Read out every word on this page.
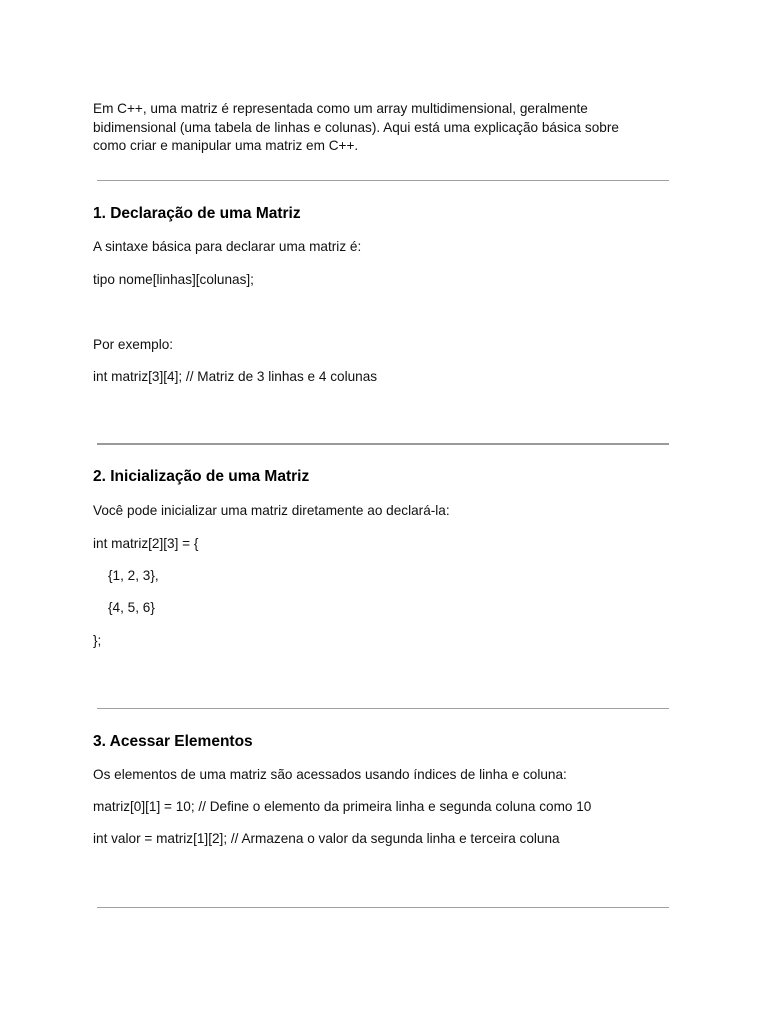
Em C++, uma matriz é representada como um array multidimensional, geralmente
bidimensional (uma tabela de linhas e colunas). Aqui está uma explicação básica sobre
como criar e manipular uma matriz em C++.
1. Declaração de uma Matriz
A sintaxe básica para declarar uma matriz é:
tipo nome[linhas][colunas];
Por exemplo:
int matriz[3][4]; // Matriz de 3 linhas e 4 colunas
2. Inicialização de uma Matriz
Você pode inicializar uma matriz diretamente ao declará-la:
int matriz[2][3] = {
{1, 2, 3},
{4, 5, 6}
};
3. Acessar Elementos
Os elementos de uma matriz são acessados usando índices de linha e coluna:
matriz[0][1] = 10; // Define o elemento da primeira linha e segunda coluna como 10
int valor = matriz[1][2]; // Armazena o valor da segunda linha e terceira coluna
